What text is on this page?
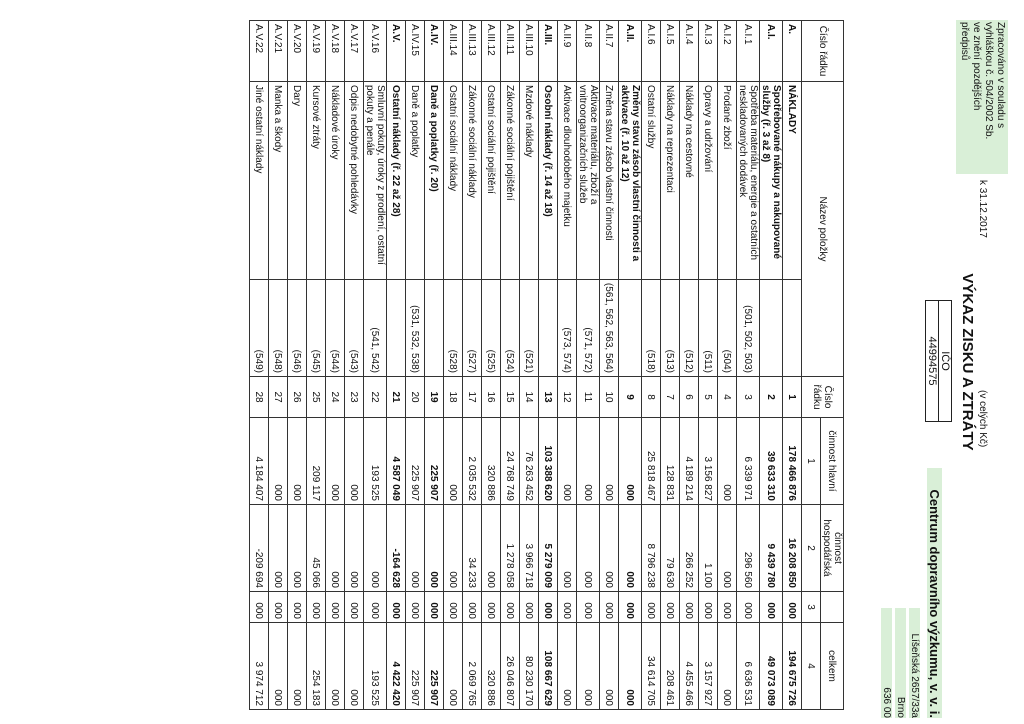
Zpracováno v souladu s
vyhláškou č. 504/2002 Sb.
ve znění pozdějších
předpisů
VÝKAZ ZISKU A ZTRÁTY
k 31.12.2017
(v celých Kč)
IČO
44994575
Centrum dopravního výzkumu, v. v. i.
Líšeňská 2657/33a
Brno
636 00
Číslo řádku	Název položky		Číslo řádku	činnost hlavní	činnost hospodářská		celkem
				1	2	3	4
A.	NÁKLADY		1	178 466 876	16 208 850	000	194 675 726
A.I.	Spotřebované nákupy a nakupované služby (ř. 3 až 8)		2	39 633 310	9 439 780	000	49 073 089
A.I.1	Spotřeba materiálu, energie a ostatních neskladovaných dodávek	(501, 502, 503)	3	6 339 971	296 560	000	6 636 531
A.I.2	Prodané zboží	(504)	4	000	000	000	000
A.I.3	Opravy a udržování	(511)	5	3 156 827	1 100	000	3 157 927
A.I.4	Náklady na cestovné	(512)	6	4 189 214	266 252	000	4 455 466
A.I.5	Náklady na reprezentaci	(513)	7	128 831	79 630	000	208 461
A.I.6	Ostatní služby	(518)	8	25 818 467	8 796 238	000	34 614 705
A.II.	Změny stavu zásob vlastní činnosti a aktivace (ř. 10 až 12)		9	000	000	000	000
A.II.7	Změna stavu zásob vlastní činnosti	(561, 562, 563, 564)	10	000	000	000	000
A.II.8	Aktivace materiálu, zboží a vnitroorganizačních služeb	(571, 572)	11	000	000	000	000
A.II.9	Aktivace dlouhodobého majetku	(573, 574)	12	000	000	000	000
A.III.	Osobní náklady (ř. 14 až 18)		13	103 388 620	5 279 009	000	108 667 629
A.III.10	Mzdové náklady	(521)	14	76 263 452	3 966 718	000	80 230 170
A.III.11	Zákonné sociální pojištění	(524)	15	24 768 749	1 278 058	000	26 046 807
A.III.12	Ostatní sociální pojištění	(525)	16	320 886	000	000	320 886
A.III.13	Zákonné sociální náklady	(527)	17	2 035 532	34 233	000	2 069 765
A.III.14	Ostatní sociální náklady	(528)	18	000	000	000	000
A.IV.	Daně a poplatky (ř. 20)		19	225 907	000	000	225 907
A.IV.15	Daně a poplatky	(531, 532, 538)	20	225 907	000	000	225 907
A.V.	Ostatní náklady (ř. 22 až 28)		21	4 587 049	-164 628	000	4 422 420
A.V.16	Smluvní pokuty, úroky z prodlení, ostatní pokuty a penále	(541, 542)	22	193 525	000	000	193 525
A.V.17	Odpis nedobytné pohledávky	(543)	23	000	000	000	000
A.V.18	Nákladové úroky	(544)	24	000	000	000	000
A.V.19	Kursové ztráty	(545)	25	209 117	45 066	000	254 183
A.V.20	Dary	(546)	26	000	000	000	000
A.V.21	Manka a škody	(548)	27	000	000	000	000
A.V.22	Jiné ostatní náklady	(549)	28	4 184 407	-209 694	000	3 974 712
